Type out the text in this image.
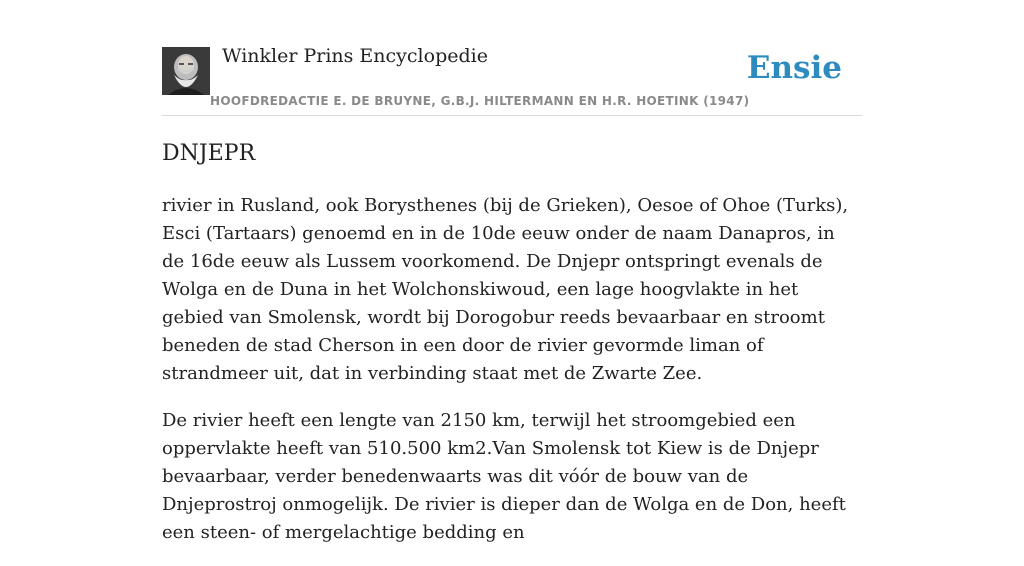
Winkler Prins Encyclopedie
HOOFDREDACTIE E. DE BRUYNE, G.B.J. HILTERMANN EN H.R. HOETINK (1947)
Ensie
DNJEPR

rivier in Rusland, ook Borysthenes (bij de Grieken), Oesoe of Ohoe (Turks), Esci (Tartaars) genoemd en in de 10de eeuw onder de naam Danapros, in de 16de eeuw als Lussem voorkomend. De Dnjepr ontspringt evenals de Wolga en de Duna in het Wolchonskiwoud, een lage hoogvlakte in het gebied van Smolensk, wordt bij Dorogobur reeds bevaarbaar en stroomt beneden de stad Cherson in een door de rivier gevormde liman of strandmeer uit, dat in verbinding staat met de Zwarte Zee.

De rivier heeft een lengte van 2150 km, terwijl het stroomgebied een oppervlakte heeft van 510.500 km2.Van Smolensk tot Kiew is de Dnjepr bevaarbaar, verder benedenwaarts was dit vóór de bouw van de Dnjeprostroj onmogelijk. De rivier is dieper dan de Wolga en de Don, heeft een steen- of mergelachtige bedding en
